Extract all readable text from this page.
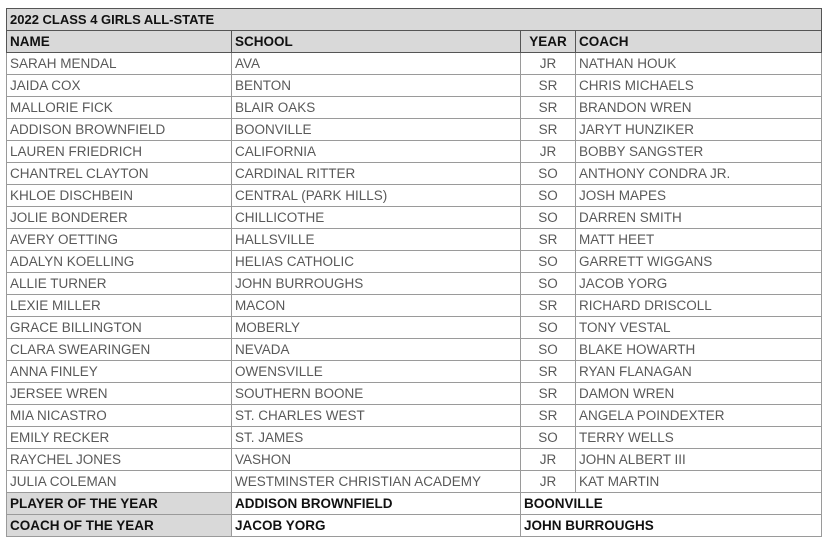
2022 CLASS 4 GIRLS ALL-STATE			
NAME	SCHOOL	YEAR	COACH
SARAH MENDAL	AVA	JR	NATHAN HOUK
JAIDA COX	BENTON	SR	CHRIS MICHAELS
MALLORIE FICK	BLAIR OAKS	SR	BRANDON WREN
ADDISON BROWNFIELD	BOONVILLE	SR	JARYT HUNZIKER
LAUREN FRIEDRICH	CALIFORNIA	JR	BOBBY SANGSTER
CHANTREL CLAYTON	CARDINAL RITTER	SO	ANTHONY CONDRA JR.
KHLOE DISCHBEIN	CENTRAL (PARK HILLS)	SO	JOSH MAPES
JOLIE BONDERER	CHILLICOTHE	SO	DARREN SMITH
AVERY OETTING	HALLSVILLE	SR	MATT HEET
ADALYN KOELLING	HELIAS CATHOLIC	SO	GARRETT WIGGANS
ALLIE TURNER	JOHN BURROUGHS	SO	JACOB YORG
LEXIE MILLER	MACON	SR	RICHARD DRISCOLL
GRACE BILLINGTON	MOBERLY	SO	TONY VESTAL
CLARA SWEARINGEN	NEVADA	SO	BLAKE HOWARTH
ANNA FINLEY	OWENSVILLE	SR	RYAN FLANAGAN
JERSEE WREN	SOUTHERN BOONE	SR	DAMON WREN
MIA NICASTRO	ST. CHARLES WEST	SR	ANGELA POINDEXTER
EMILY RECKER	ST. JAMES	SO	TERRY WELLS
RAYCHEL JONES	VASHON	JR	JOHN ALBERT III
JULIA COLEMAN	WESTMINSTER CHRISTIAN ACADEMY	JR	KAT MARTIN
PLAYER OF THE YEAR	ADDISON BROWNFIELD	BOONVILLE	
COACH OF THE YEAR	JACOB YORG	JOHN BURROUGHS	
